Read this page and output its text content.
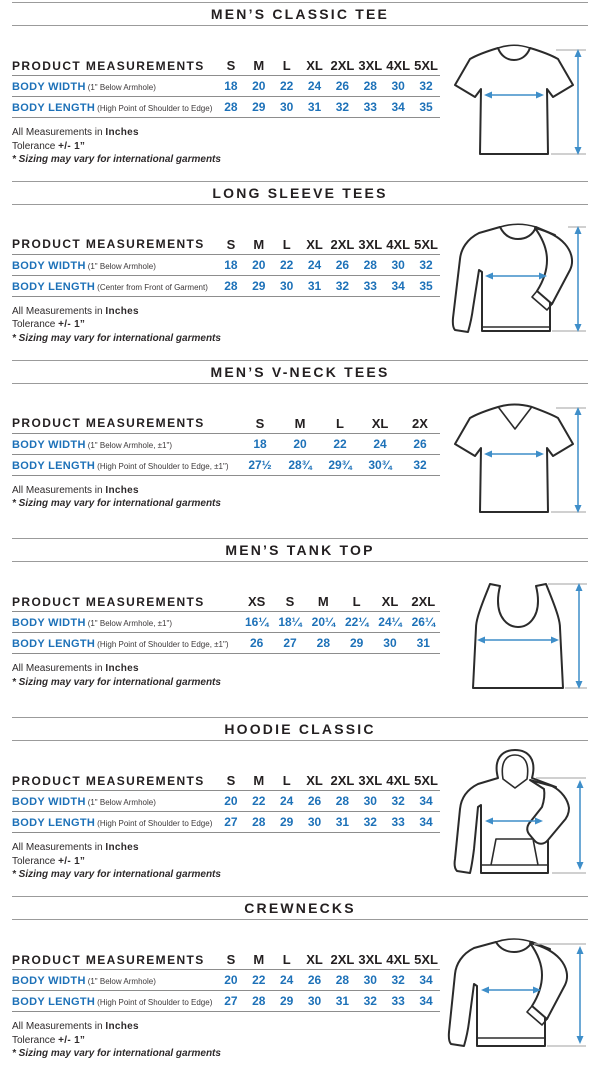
MEN’S CLASSIC TEE
PRODUCT MEASUREMENTS	S	M	L	XL 2XL 3XL 4XL 5XL
BODY WIDTH (1" Below Armhole)	18	20	22	24	26	28	30	32
BODY LENGTH (High Point of Shoulder to Edge) 28	29	30	31	32	33	34	35
All Measurements in Inches
Tolerance +/- 1”
* Sizing may vary for international garments
LONG SLEEVE TEES
PRODUCT MEASUREMENTS	S	M	L	XL 2XL 3XL 4XL 5XL
BODY WIDTH (1" Below Armhole)	18	20	22	24	26	28	30	32
BODY LENGTH (Center from Front of Garment)	28	29	30	31	32	33	34	35
All Measurements in Inches
Tolerance +/- 1”
* Sizing may vary for international garments
MEN’S V-NECK TEES
PRODUCT MEASUREMENTS	S	M	L	XL	2X
BODY WIDTH (1" Below Armhole, ±1")	18	20	22	24	26
BODY LENGTH (High Point of Shoulder to Edge, ±1")	27½	28¾	29¾	30¾	32
All Measurements in Inches
* Sizing may vary for international garments
MEN’S TANK TOP
PRODUCT MEASUREMENTS	XS	S	M	L	XL	2XL
BODY WIDTH (1" Below Armhole, ±1")	16¼ 18¼ 20¼ 22¼ 24¼ 26¼
BODY LENGTH (High Point of Shoulder to Edge, ±1")	26	27	28	29	30	31
All Measurements in Inches
* Sizing may vary for international garments
HOODIE CLASSIC
PRODUCT MEASUREMENTS	S	M	L	XL 2XL 3XL 4XL 5XL
BODY WIDTH (1" Below Armhole)	20	22	24	26	28	30	32	34
BODY LENGTH (High Point of Shoulder to Edge) 27	28	29	30	31	32	33	34
All Measurements in Inches
Tolerance +/- 1”
* Sizing may vary for international garments
CREWNECKS
PRODUCT MEASUREMENTS	S	M	L	XL 2XL 3XL 4XL 5XL
BODY WIDTH (1" Below Armhole)	20	22	24	26	28	30	32	34
BODY LENGTH (High Point of Shoulder to Edge) 27	28	29	30	31	32	33	34
All Measurements in Inches
Tolerance +/- 1”
* Sizing may vary for international garments
